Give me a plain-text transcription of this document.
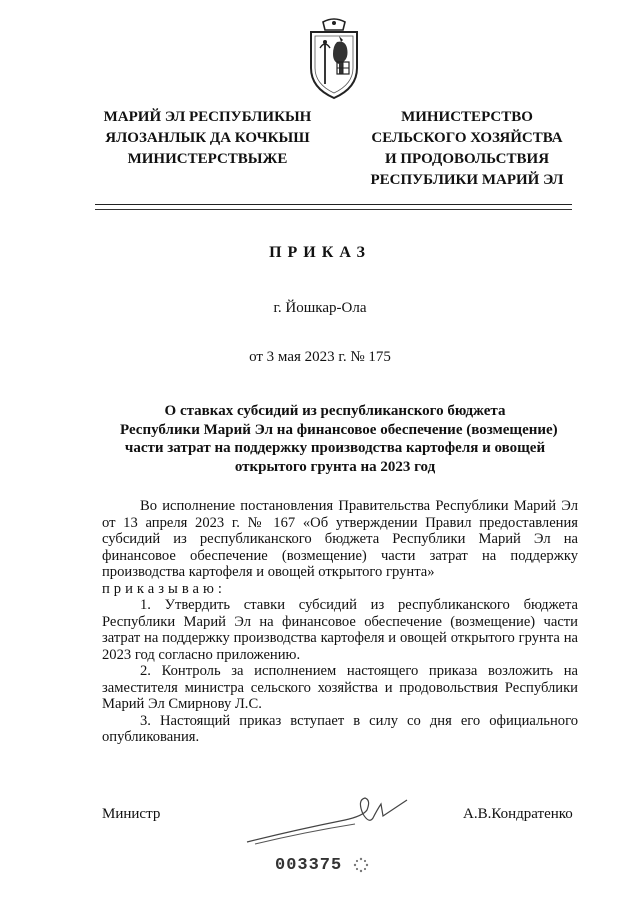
МАРИЙ ЭЛ РЕСПУБЛИКЫН
ЯЛОЗАНЛЫК ДА КОЧКЫШ
МИНИСТЕРСТВЫЖЕ
МИНИСТЕРСТВО
СЕЛЬСКОГО ХОЗЯЙСТВА
И ПРОДОВОЛЬСТВИЯ
РЕСПУБЛИКИ МАРИЙ ЭЛ
ПРИКАЗ
г. Йошкар-Ола
от 3 мая 2023 г. № 175
О ставках субсидий из республиканского бюджета
Республики Марий Эл на финансовое обеспечение (возмещение)
части затрат на поддержку производства картофеля и овощей
открытого грунта на 2023 год

Во исполнение постановления Правительства Республики Марий Эл от 13 апреля 2023 г. № 167 «Об утверждении Правил предоставления субсидий из республиканского бюджета Республики Марий Эл на финансовое обеспечение (возмещение) части затрат на поддержку производства картофеля и овощей открытого грунта»

приказываю:

1. Утвердить ставки субсидий из республиканского бюджета Республики Марий Эл на финансовое обеспечение (возмещение) части затрат на поддержку производства картофеля и овощей открытого грунта на 2023 год согласно приложению.

2. Контроль за исполнением настоящего приказа возложить на заместителя министра сельского хозяйства и продовольствия Республики Марий Эл Смирнову Л.С.

3. Настоящий приказ вступает в силу со дня его официального опубликования.

Министр	А.В.Кондратенко
003375
